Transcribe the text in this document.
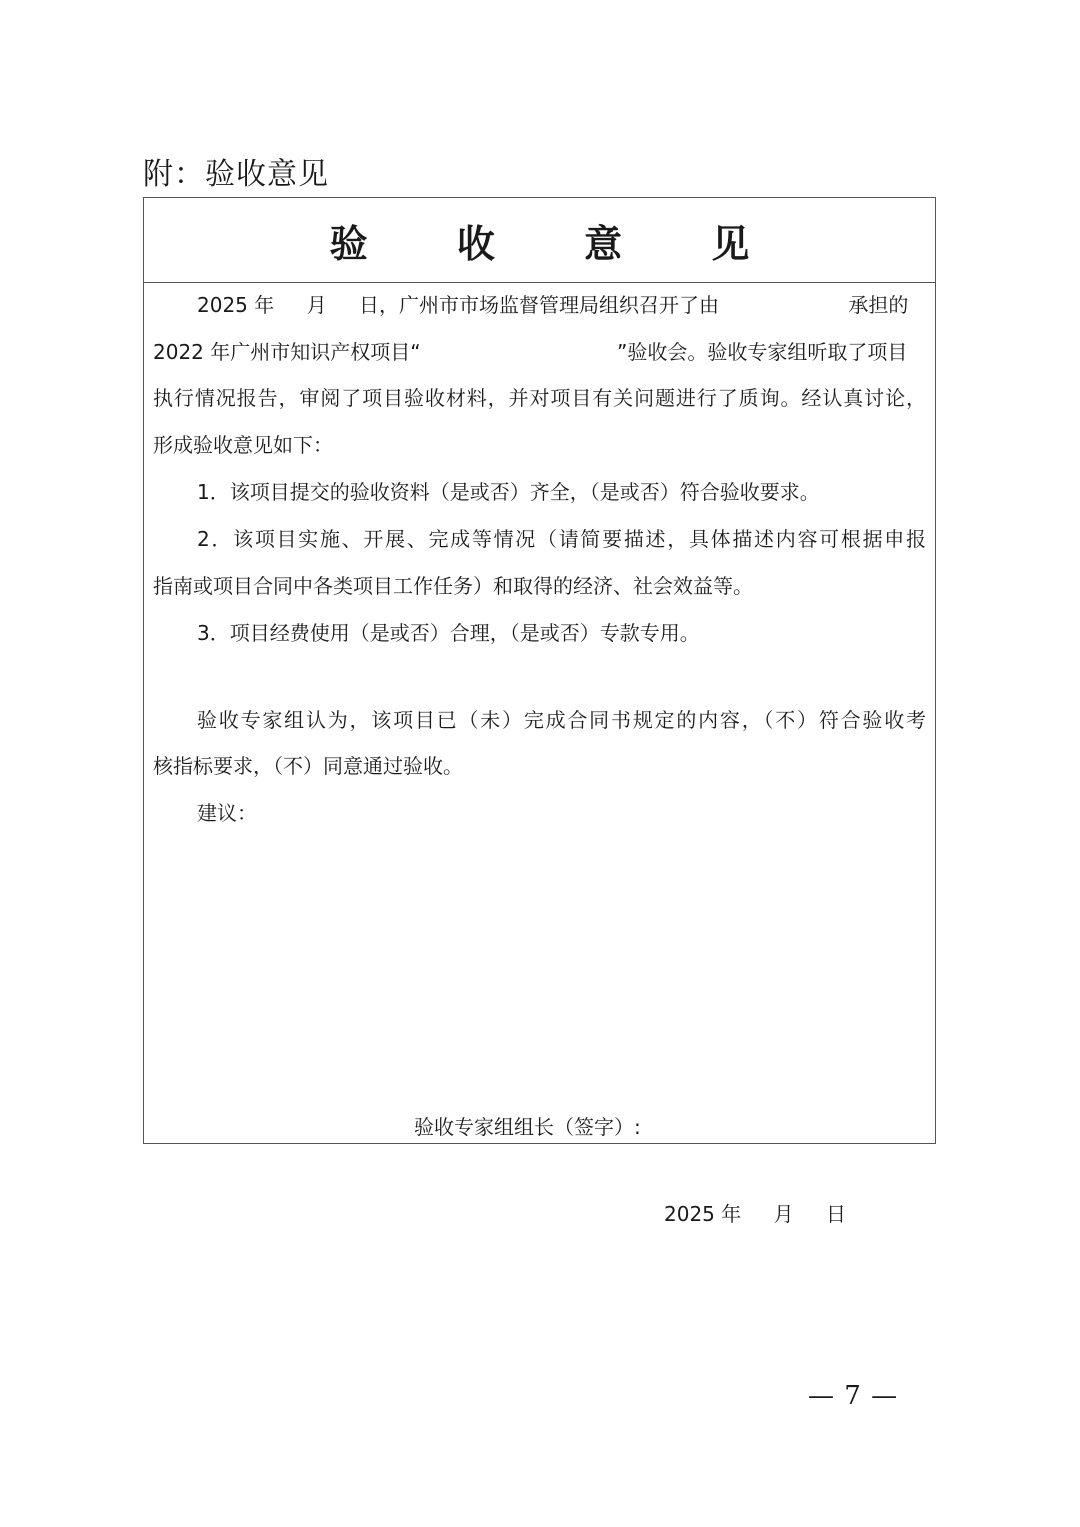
附：验收意见
验 收 意 见
2025 年 月 日，广州市市场监督管理局组织召开了由	承担的
2022 年广州市知识产权项目“	”验收会。验收专家组听取了项目
执行情况报告，审阅了项目验收材料，并对项目有关问题进行了质询。经认真讨论，
形成验收意见如下：
1．该项目提交的验收资料（是或否）齐全，（是或否）符合验收要求。
2．该项目实施、开展、完成等情况（请简要描述，具体描述内容可根据申报
指南或项目合同中各类项目工作任务）和取得的经济、社会效益等。
3．项目经费使用（是或否）合理，（是或否）专款专用。
验收专家组认为，该项目已（未）完成合同书规定的内容，（不）符合验收考
核指标要求，（不）同意通过验收。
建议：
验收专家组组长（签字）:
2025 年 月 日
— 7 —
